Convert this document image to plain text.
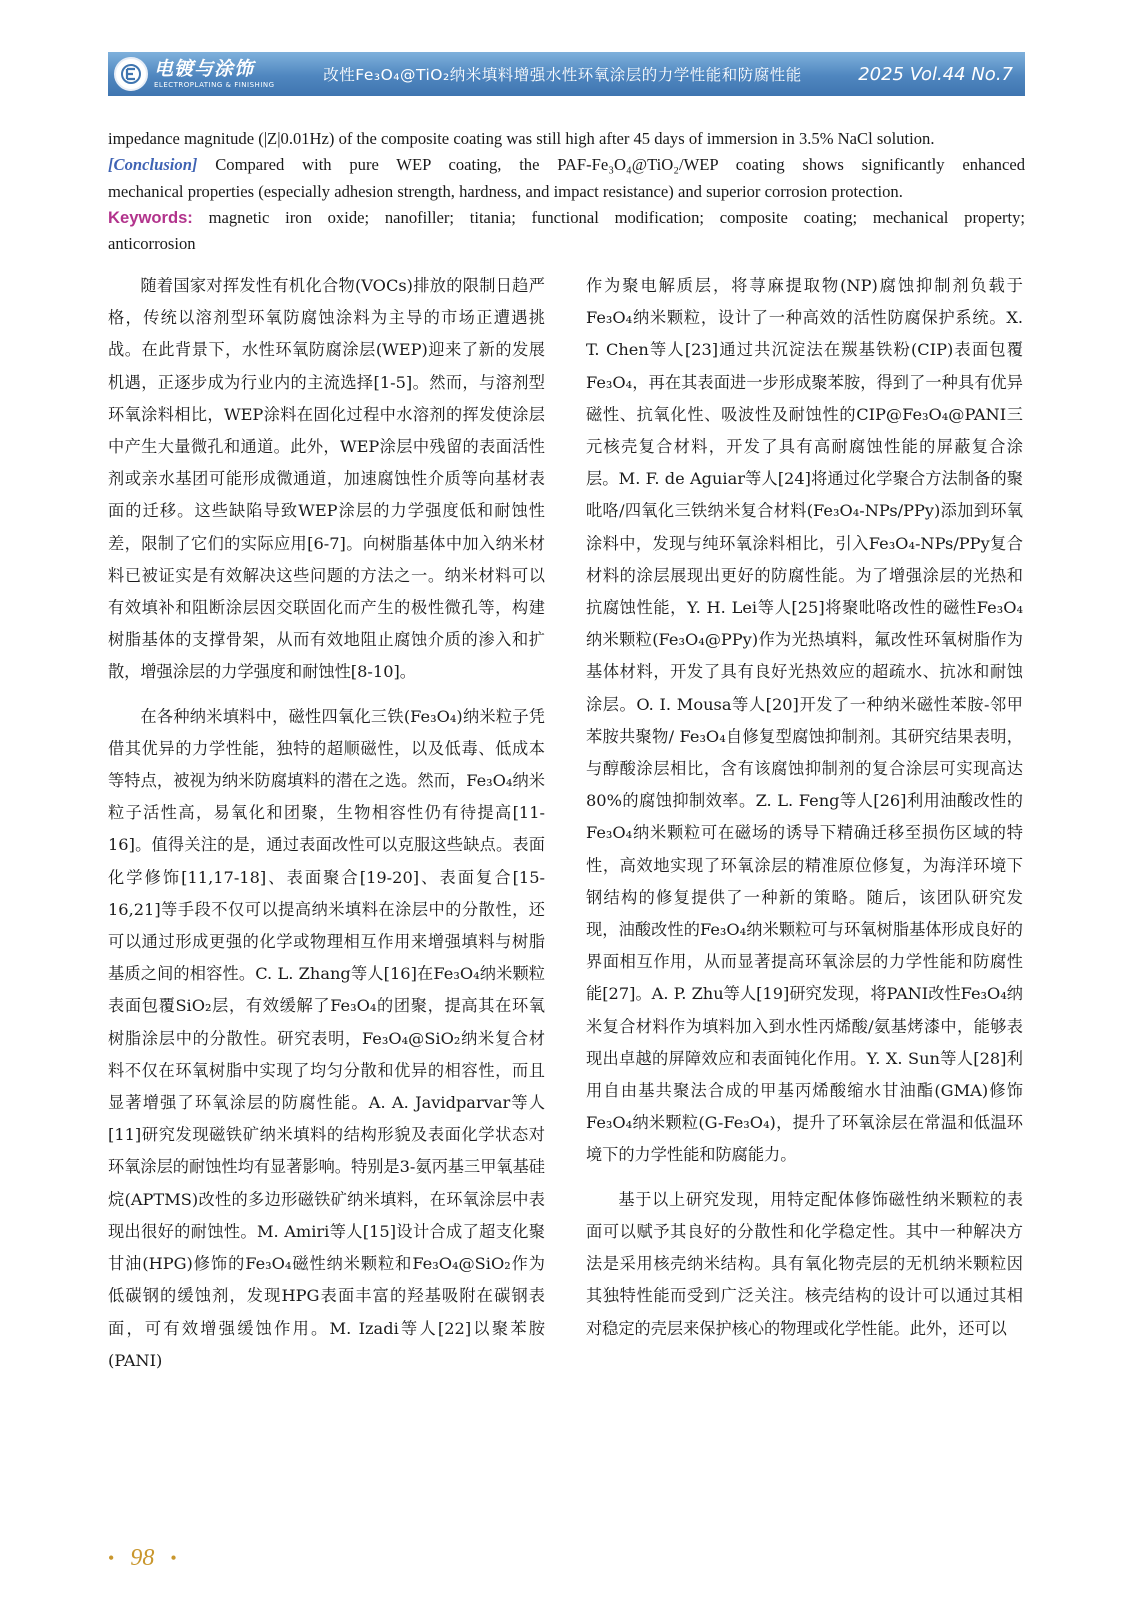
电镀与涂饰
ELECTROPLATING & FINISHING
改性Fe₃O₄@TiO₂纳米填料增强水性环氧涂层的力学性能和防腐性能	2025 Vol.44 No.7
impedance magnitude (|Z|0.01Hz) of the composite coating was still high after 45 days of immersion in 3.5% NaCl solution.
[Conclusion] Compared with pure WEP coating, the PAF-Fe₃O₄@TiO₂/WEP coating shows significantly enhanced
mechanical properties (especially adhesion strength, hardness, and impact resistance) and superior corrosion protection.
Keywords: magnetic iron oxide; nanofiller; titania; functional modification; composite coating; mechanical property;
anticorrosion

随着国家对挥发性有机化合物(VOCs)排放的限制日趋严格，传统以溶剂型环氧防腐蚀涂料为主导的市场正遭遇挑战。在此背景下，水性环氧防腐涂层(WEP)迎来了新的发展机遇，正逐步成为行业内的主流选择[1-5]。然而，与溶剂型环氧涂料相比，WEP涂料在固化过程中水溶剂的挥发使涂层中产生大量微孔和通道。此外，WEP涂层中残留的表面活性剂或亲水基团可能形成微通道，加速腐蚀性介质等向基材表面的迁移。这些缺陷导致WEP涂层的力学强度低和耐蚀性差，限制了它们的实际应用[6-7]。向树脂基体中加入纳米材料已被证实是有效解决这些问题的方法之一。纳米材料可以有效填补和阻断涂层因交联固化而产生的极性微孔等，构建树脂基体的支撑骨架，从而有效地阻止腐蚀介质的渗入和扩散，增强涂层的力学强度和耐蚀性[8-10]。

在各种纳米填料中，磁性四氧化三铁(Fe₃O₄)纳米粒子凭借其优异的力学性能，独特的超顺磁性，以及低毒、低成本等特点，被视为纳米防腐填料的潜在之选。然而，Fe₃O₄纳米粒子活性高，易氧化和团聚，生物相容性仍有待提高[11-16]。值得关注的是，通过表面改性可以克服这些缺点。表面化学修饰[11,17-18]、表面聚合[19-20]、表面复合[15-16,21]等手段不仅可以提高纳米填料在涂层中的分散性，还可以通过形成更强的化学或物理相互作用来增强填料与树脂基质之间的相容性。C. L. Zhang等人[16]在Fe₃O₄纳米颗粒表面包覆SiO₂层，有效缓解了Fe₃O₄的团聚，提高其在环氧树脂涂层中的分散性。研究表明，Fe₃O₄@SiO₂纳米复合材料不仅在环氧树脂中实现了均匀分散和优异的相容性，而且显著增强了环氧涂层的防腐性能。A. A. Javidparvar等人[11]研究发现磁铁矿纳米填料的结构形貌及表面化学状态对环氧涂层的耐蚀性均有显著影响。特别是3-氨丙基三甲氧基硅烷(APTMS)改性的多边形磁铁矿纳米填料，在环氧涂层中表现出很好的耐蚀性。M. Amiri等人[15]设计合成了超支化聚甘油(HPG)修饰的Fe₃O₄磁性纳米颗粒和Fe₃O₄@SiO₂作为低碳钢的缓蚀剂，发现HPG表面丰富的羟基吸附在碳钢表面，可有效增强缓蚀作用。M. Izadi等人[22]以聚苯胺(PANI)

作为聚电解质层，将荨麻提取物(NP)腐蚀抑制剂负载于Fe₃O₄纳米颗粒，设计了一种高效的活性防腐保护系统。X. T. Chen等人[23]通过共沉淀法在羰基铁粉(CIP)表面包覆Fe₃O₄，再在其表面进一步形成聚苯胺，得到了一种具有优异磁性、抗氧化性、吸波性及耐蚀性的CIP@Fe₃O₄@PANI三元核壳复合材料，开发了具有高耐腐蚀性能的屏蔽复合涂层。M. F. de Aguiar等人[24]将通过化学聚合方法制备的聚吡咯/四氧化三铁纳米复合材料(Fe₃O₄-NPs/PPy)添加到环氧涂料中，发现与纯环氧涂料相比，引入Fe₃O₄-NPs/PPy复合材料的涂层展现出更好的防腐性能。为了增强涂层的光热和抗腐蚀性能，Y. H. Lei等人[25]将聚吡咯改性的磁性Fe₃O₄纳米颗粒(Fe₃O₄@PPy)作为光热填料，氟改性环氧树脂作为基体材料，开发了具有良好光热效应的超疏水、抗冰和耐蚀涂层。O. I. Mousa等人[20]开发了一种纳米磁性苯胺-邻甲苯胺共聚物/ Fe₃O₄自修复型腐蚀抑制剂。其研究结果表明，与醇酸涂层相比，含有该腐蚀抑制剂的复合涂层可实现高达80%的腐蚀抑制效率。Z. L. Feng等人[26]利用油酸改性的Fe₃O₄纳米颗粒可在磁场的诱导下精确迁移至损伤区域的特性，高效地实现了环氧涂层的精准原位修复，为海洋环境下钢结构的修复提供了一种新的策略。随后，该团队研究发现，油酸改性的Fe₃O₄纳米颗粒可与环氧树脂基体形成良好的界面相互作用，从而显著提高环氧涂层的力学性能和防腐性能[27]。A. P. Zhu等人[19]研究发现，将PANI改性Fe₃O₄纳米复合材料作为填料加入到水性丙烯酸/氨基烤漆中，能够表现出卓越的屏障效应和表面钝化作用。Y. X. Sun等人[28]利用自由基共聚法合成的甲基丙烯酸缩水甘油酯(GMA)修饰Fe₃O₄纳米颗粒(G-Fe₃O₄)，提升了环氧涂层在常温和低温环境下的力学性能和防腐能力。

基于以上研究发现，用特定配体修饰磁性纳米颗粒的表面可以赋予其良好的分散性和化学稳定性。其中一种解决方法是采用核壳纳米结构。具有氧化物壳层的无机纳米颗粒因其独特性能而受到广泛关注。核壳结构的设计可以通过其相对稳定的壳层来保护核心的物理或化学性能。此外，还可以

• 98 •
